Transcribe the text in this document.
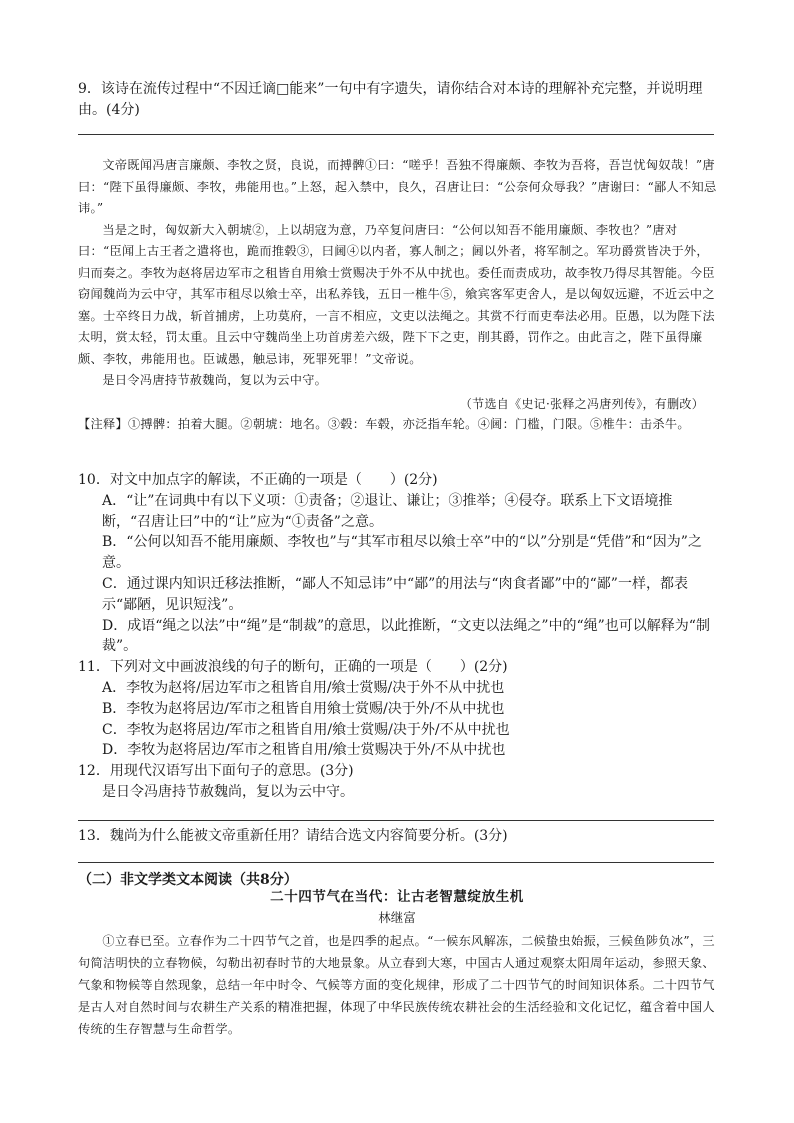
9．该诗在流传过程中“不因迁谪□能来”一句中有字遗失，请你结合对本诗的理解补充完整，并说明理由。(4分)

文帝既闻冯唐言廉颇、李牧之贤，良说，而搏髀①曰：“嗟乎！吾独不得廉颇、李牧为吾将，吾岂忧匈奴哉！”唐曰：“陛下虽得廉颇、李牧，弗能用也。”上怒，起入禁中，良久，召唐让曰：“公奈何众辱我？”唐谢曰：“鄙人不知忌讳。”

当是之时，匈奴新大入朝㙈②，上以胡寇为意，乃卒复问唐曰：“公何以知吾不能用廉颇、李牧也？”唐对曰：“臣闻上古王者之遣将也，跪而推毂③，曰阃④以内者，寡人制之；阃以外者，将军制之。军功爵赏皆决于外，归而奏之。李牧为赵将居边军市之租皆自用飨士赏赐决于外不从中扰也。委任而责成功，故李牧乃得尽其智能。今臣窃闻魏尚为云中守，其军市租尽以飨士卒，出私养钱，五日一椎牛⑤，飨宾客军吏舍人，是以匈奴远避，不近云中之塞。士卒终日力战，斩首捕虏，上功莫府，一言不相应，文吏以法绳之。其赏不行而吏奉法必用。臣愚，以为陛下法太明，赏太轻，罚太重。且云中守魏尚坐上功首虏差六级，陛下下之吏，削其爵，罚作之。由此言之，陛下虽得廉颇、李牧，弗能用也。臣诚愚，触忌讳，死罪死罪！”文帝说。

是日令冯唐持节赦魏尚，复以为云中守。

（节选自《史记·张释之冯唐列传》，有删改）

【注释】①搏髀：拍着大腿。②朝㙈：地名。③毂：车毂，亦泛指车轮。④阃：门槛，门限。⑤椎牛：击杀牛。

10．对文中加点字的解读，不正确的一项是（　　）(2分)

A．“让”在词典中有以下义项：①责备；②退让、谦让；③推举；④侵夺。联系上下文语境推断，“召唐让曰”中的“让”应为“①责备”之意。

B．“公何以知吾不能用廉颇、李牧也”与“其军市租尽以飨士卒”中的“以”分别是“凭借”和“因为”之意。

C．通过课内知识迁移法推断，“鄙人不知忌讳”中“鄙”的用法与“肉食者鄙”中的“鄙”一样，都表示“鄙陋，见识短浅”。

D．成语“绳之以法”中“绳”是“制裁”的意思，以此推断，“文吏以法绳之”中的“绳”也可以解释为“制裁”。

11．下列对文中画波浪线的句子的断句，正确的一项是（　　）(2分)

A．李牧为赵将/居边军市之租皆自用/飨士赏赐/决于外不从中扰也

B．李牧为赵将居边/军市之租皆自用飨士赏赐/决于外/不从中扰也

C．李牧为赵将居边/军市之租皆自用/飨士赏赐/决于外/不从中扰也

D．李牧为赵将居边/军市之租皆自用/飨士赏赐决于外/不从中扰也

12．用现代汉语写出下面句子的意思。(3分)

是日令冯唐持节赦魏尚，复以为云中守。

13．魏尚为什么能被文帝重新任用？请结合选文内容简要分析。(3分)
（二）非文学类文本阅读（共8分）
二十四节气在当代：让古老智慧绽放生机
林继富

①立春已至。立春作为二十四节气之首，也是四季的起点。“一候东风解冻，二候蛰虫始振，三候鱼陟负冰”，三句简洁明快的立春物候，勾勒出初春时节的大地景象。从立春到大寒，中国古人通过观察太阳周年运动，参照天象、气象和物候等自然现象，总结一年中时令、气候等方面的变化规律，形成了二十四节气的时间知识体系。二十四节气是古人对自然时间与农耕生产关系的精准把握，体现了中华民族传统农耕社会的生活经验和文化记忆，蕴含着中国人传统的生存智慧与生命哲学。
